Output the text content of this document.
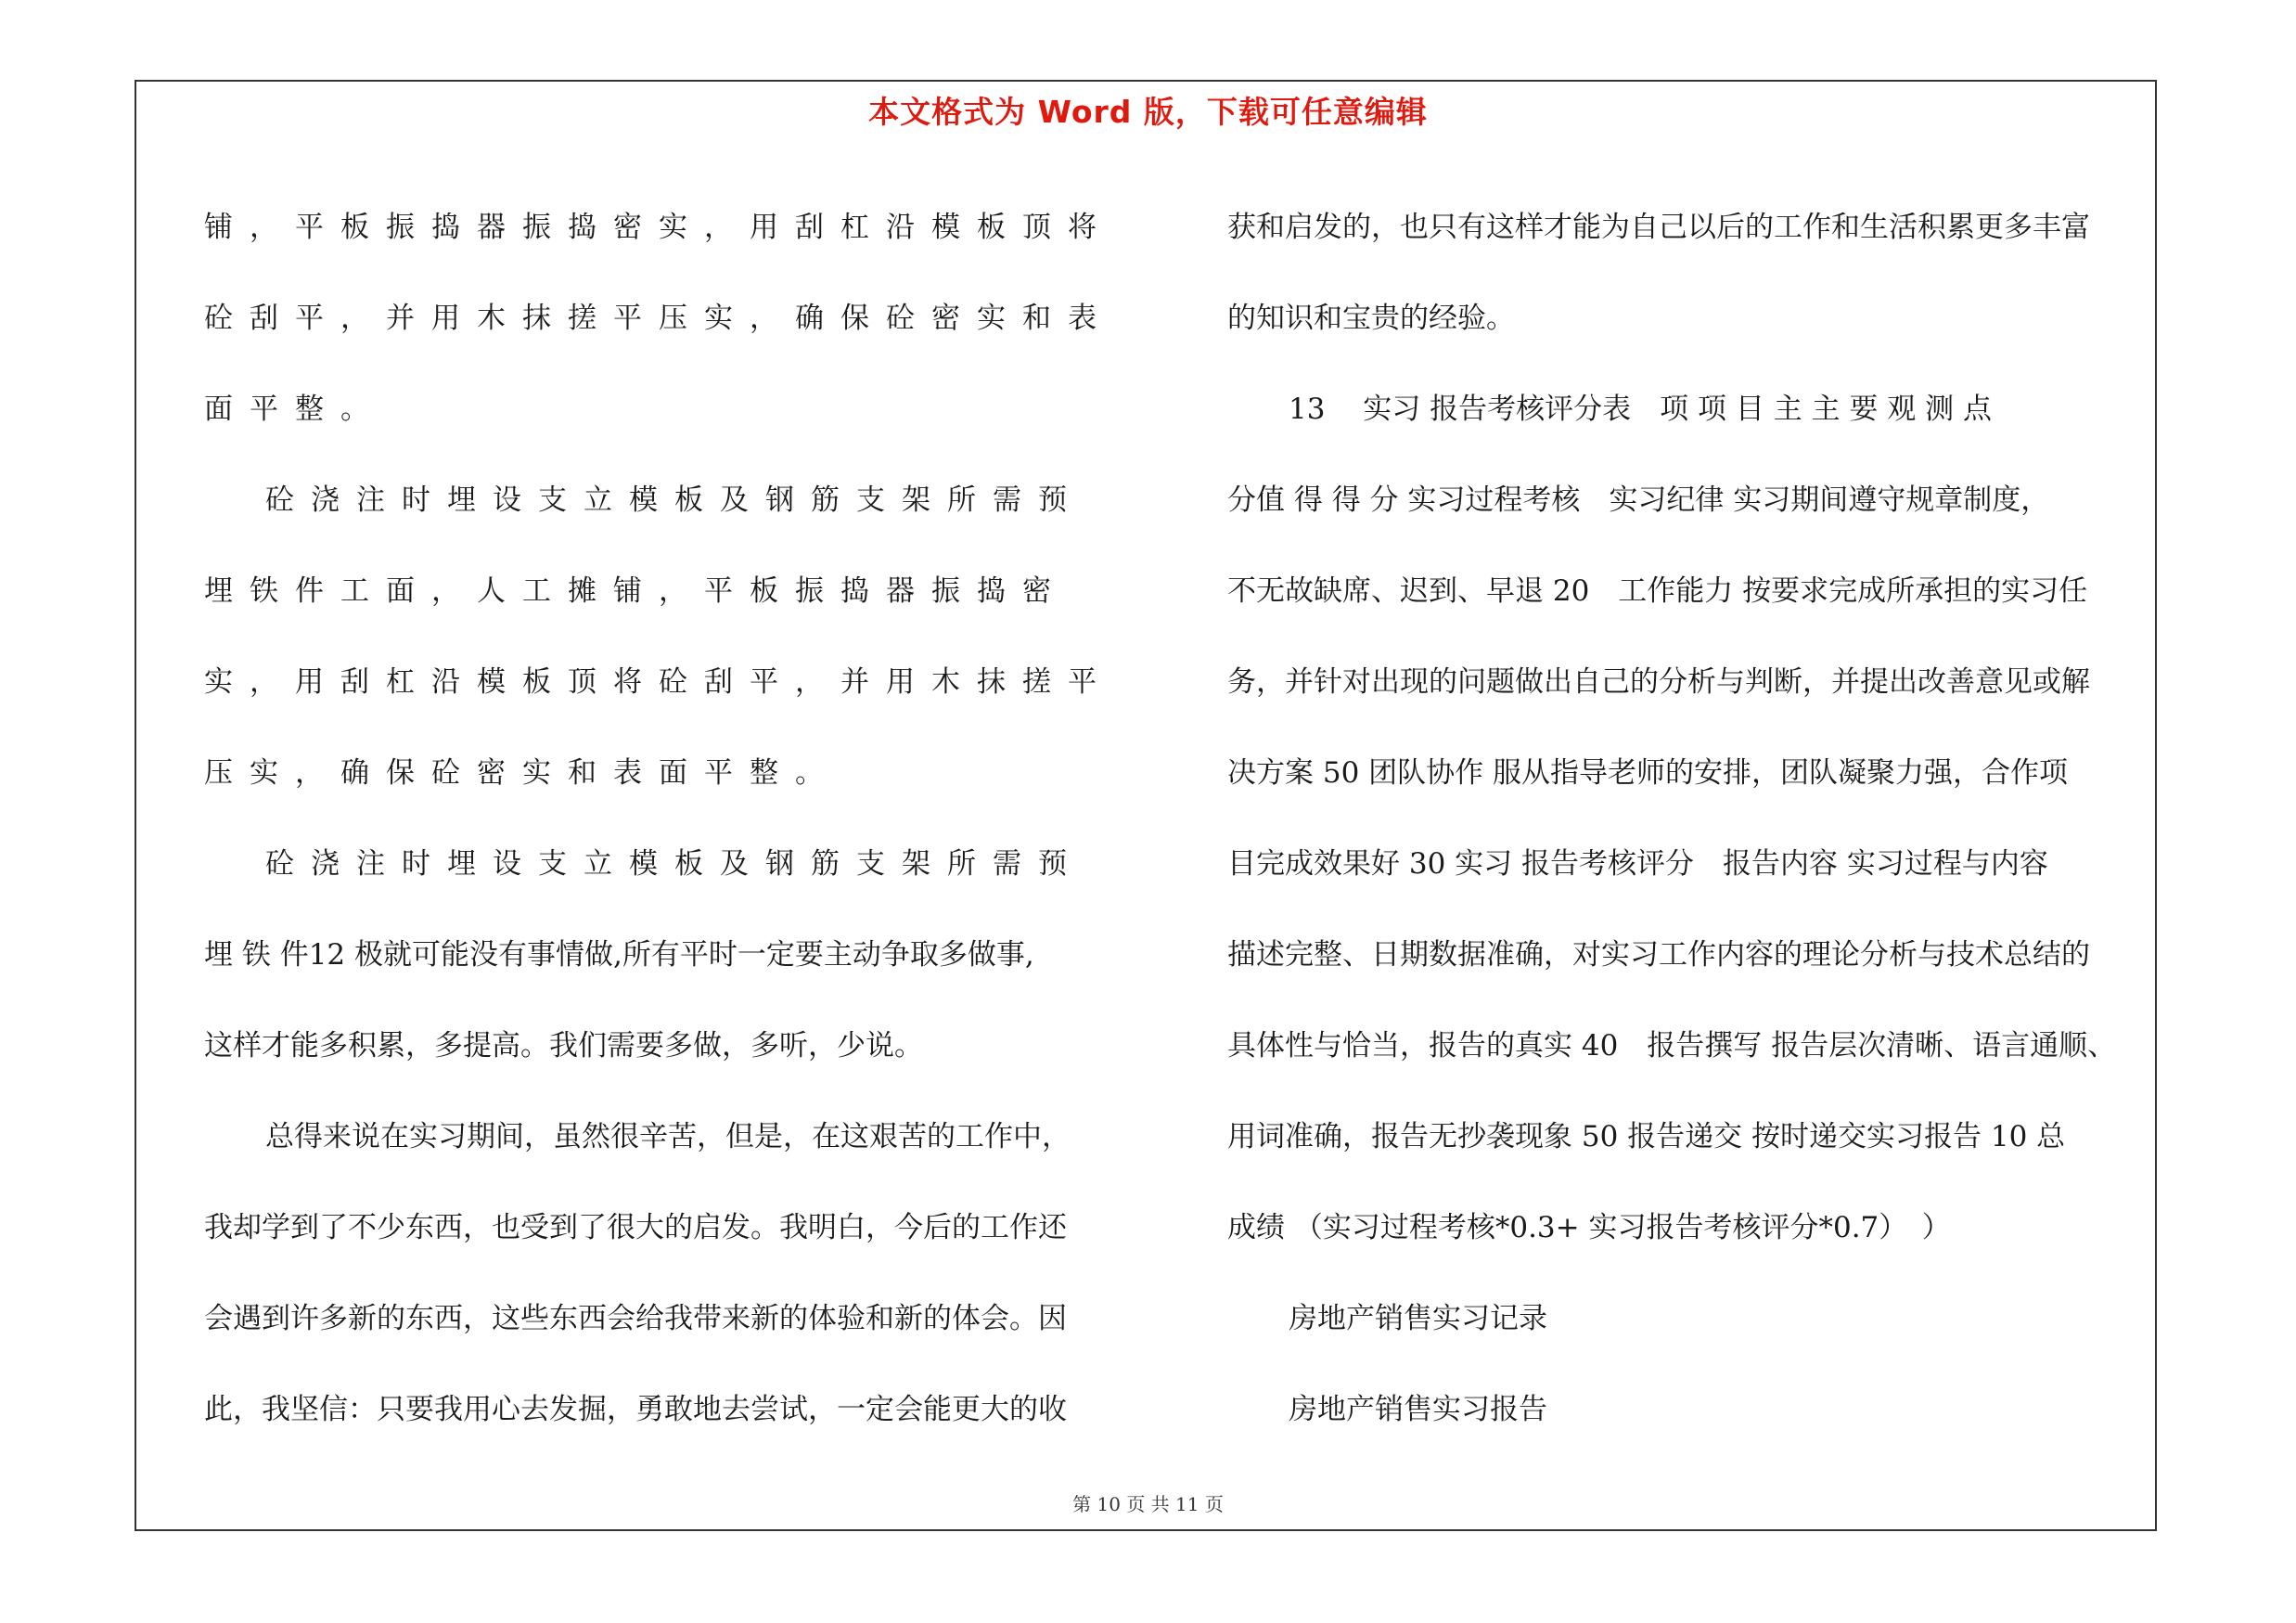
本文格式为 Word 版，下载可任意编辑
铺，平板振捣器振捣密实，用刮杠沿模板顶将
砼刮平，并用木抹搓平压实，确保砼密实和表
面平整。
砼浇注时埋设支立模板及钢筋支架所需预
埋铁件工面，人工摊铺，平板振捣器振捣密
实，用刮杠沿模板顶将砼刮平，并用木抹搓平
压实，确保砼密实和表面平整。
砼浇注时埋设支立模板及钢筋支架所需预
埋 铁 件12 极就可能没有事情做,所有平时一定要主动争取多做事,
这样才能多积累，多提高。我们需要多做，多听，少说。
总得来说在实习期间，虽然很辛苦，但是，在这艰苦的工作中，
我却学到了不少东西，也受到了很大的启发。我明白，今后的工作还
会遇到许多新的东西，这些东西会给我带来新的体验和新的体会。因
此，我坚信：只要我用心去发掘，勇敢地去尝试，一定会能更大的收
获和启发的，也只有这样才能为自己以后的工作和生活积累更多丰富
的知识和宝贵的经验。
13　 实习 报告考核评分表　项 项 目 主 主 要 观 测 点
分值 得 得 分 实习过程考核　实习纪律 实习期间遵守规章制度，
不无故缺席、迟到、早退 20　工作能力 按要求完成所承担的实习任
务，并针对出现的问题做出自己的分析与判断，并提出改善意见或解
决方案 50 团队协作 服从指导老师的安排，团队凝聚力强，合作项
目完成效果好 30 实习 报告考核评分　报告内容 实习过程与内容
描述完整、日期数据准确，对实习工作内容的理论分析与技术总结的
具体性与恰当，报告的真实 40　报告撰写 报告层次清晰、语言通顺、
用词准确，报告无抄袭现象 50 报告递交 按时递交实习报告 10 总
成绩 （实习过程考核*0.3+ 实习报告考核评分*0.7）　）
房地产销售实习记录
房地产销售实习报告
第 10 页 共 11 页
